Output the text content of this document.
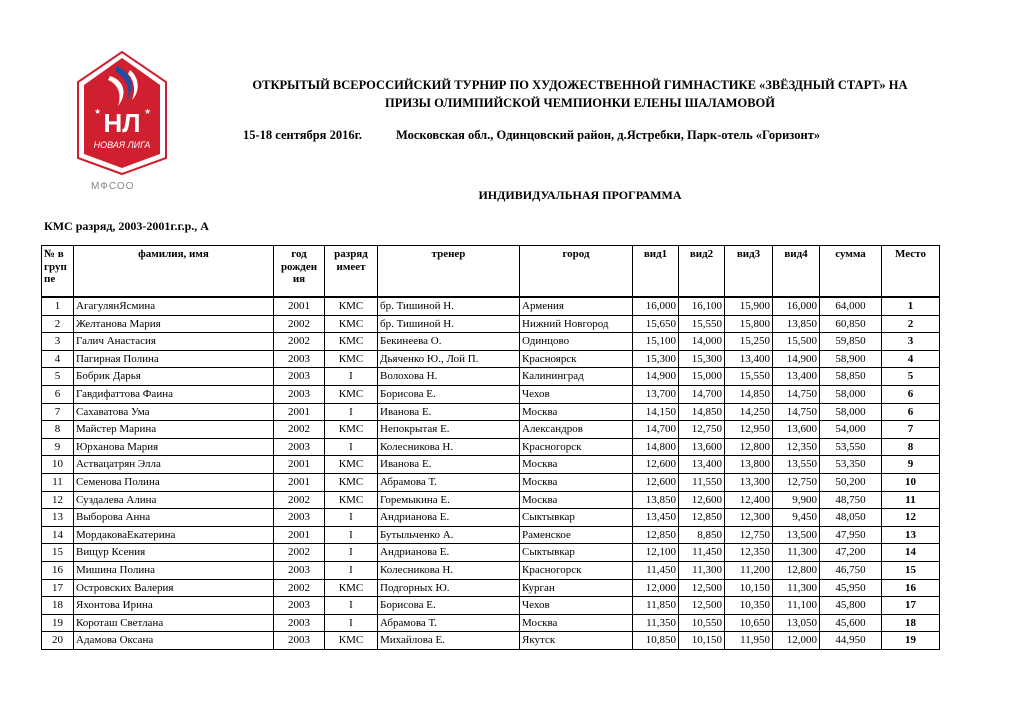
НЛ
НОВАЯ ЛИГА
★	★
МФСОО
ОТКРЫТЫЙ ВСЕРОССИЙСКИЙ ТУРНИР ПО ХУДОЖЕСТВЕННОЙ ГИМНАСТИКЕ «ЗВЁЗДНЫЙ СТАРТ» НА
ПРИЗЫ ОЛИМПИЙСКОЙ ЧЕМПИОНКИ ЕЛЕНЫ ШАЛАМОВОЙ
15-18 сентября 2016г.	Московская обл., Одинцовский район, д.Ястребки, Парк-отель «Горизонт»
ИНДИВИДУАЛЬНАЯ ПРОГРАММА
КМС разряд, 2003-2001г.г.р., А
№ в груп пе	фамилия, имя	год рожден ия	разряд имеет	тренер	город	вид1	вид2	вид3	вид4	сумма	Место
1	АгагулянЯсмина	2001	КМС	бр. Тишиной Н.	Армения	16,000	16,100	15,900	16,000	64,000	1
2	Желтанова Мария	2002	КМС	бр. Тишиной Н.	Нижний Новгород	15,650	15,550	15,800	13,850	60,850	2
3	Галич Анастасия	2002	КМС	Бекинеева О.	Одинцово	15,100	14,000	15,250	15,500	59,850	3
4	Пагирная Полина	2003	КМС	Дьяченко Ю., Лой П.	Красноярск	15,300	15,300	13,400	14,900	58,900	4
5	Бобрик Дарья	2003	I	Волохова Н.	Калининград	14,900	15,000	15,550	13,400	58,850	5
6	Гавдифаттова Фаина	2003	КМС	Борисова Е.	Чехов	13,700	14,700	14,850	14,750	58,000	6
7	Сахаватова Ума	2001	I	Иванова Е.	Москва	14,150	14,850	14,250	14,750	58,000	6
8	Майстер Марина	2002	КМС	Непокрытая Е.	Александров	14,700	12,750	12,950	13,600	54,000	7
9	Юрханова Мария	2003	I	Колесникова Н.	Красногорск	14,800	13,600	12,800	12,350	53,550	8
10	Аствацатрян Элла	2001	КМС	Иванова Е.	Москва	12,600	13,400	13,800	13,550	53,350	9
11	Семенова Полина	2001	КМС	Абрамова Т.	Москва	12,600	11,550	13,300	12,750	50,200	10
12	Суздалева Алина	2002	КМС	Горемыкина Е.	Москва	13,850	12,600	12,400	9,900	48,750	11
13	Выборова Анна	2003	I	Андрианова Е.	Сыктывкар	13,450	12,850	12,300	9,450	48,050	12
14	МордаковаЕкатерина	2001	I	Бутыльченко А.	Раменское	12,850	8,850	12,750	13,500	47,950	13
15	Вищур Ксения	2002	I	Андрианова Е.	Сыктывкар	12,100	11,450	12,350	11,300	47,200	14
16	Мишина Полина	2003	I	Колесникова Н.	Красногорск	11,450	11,300	11,200	12,800	46,750	15
17	Островских Валерия	2002	КМС	Подгорных Ю.	Курган	12,000	12,500	10,150	11,300	45,950	16
18	Яхонтова Ирина	2003	I	Борисова Е.	Чехов	11,850	12,500	10,350	11,100	45,800	17
19	Короташ Светлана	2003	I	Абрамова Т.	Москва	11,350	10,550	10,650	13,050	45,600	18
20	Адамова Оксана	2003	КМС	Михайлова Е.	Якутск	10,850	10,150	11,950	12,000	44,950	19
